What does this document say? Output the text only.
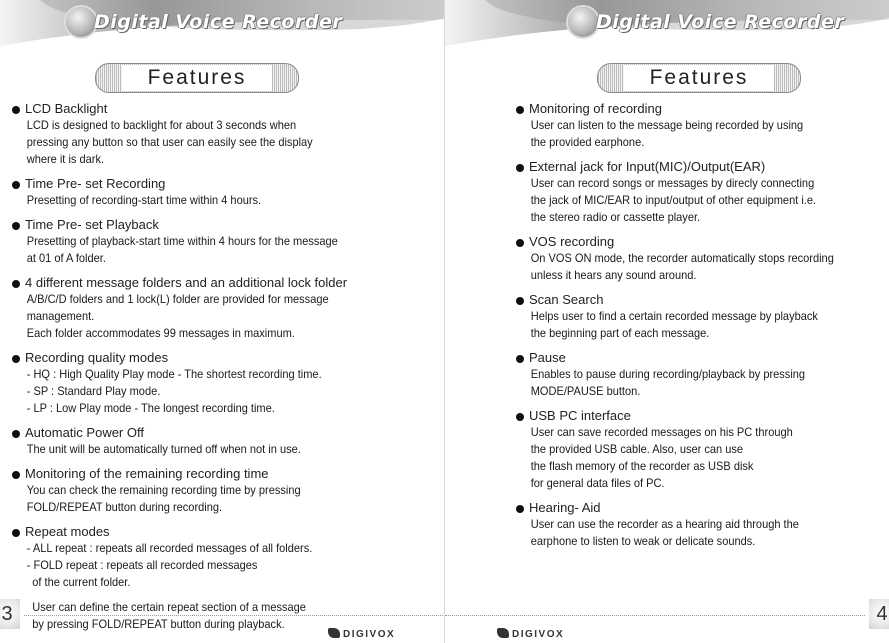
Digital Voice Recorder
Features
LCD Backlight
LCD is designed to backlight for about 3 seconds when
pressing any button so that user can easily see the display
where it is dark.
Time Pre- set Recording
Presetting of recording-start time within 4 hours.
Time Pre- set Playback
Presetting of playback-start time within 4 hours for the message
at 01 of A folder.
4 different message folders and an additional lock folder
A/B/C/D folders and 1 lock(L) folder are provided for message
management.
Each folder accommodates 99 messages in maximum.
Recording quality modes
- HQ : High Quality Play mode - The shortest recording time.
- SP : Standard Play mode.
- LP : Low Play mode - The longest recording time.
Automatic Power Off
The unit will be automatically turned off when not in use.
Monitoring of the remaining recording time
You can check the remaining recording time by pressing
FOLD/REPEAT button during recording.
Repeat modes
- ALL repeat : repeats all recorded messages of all folders.
- FOLD repeat : repeats all recorded messages
of the current folder.
User can define the certain repeat section of a message
by pressing FOLD/REPEAT button during playback.
3
DIGIVOX
Digital Voice Recorder
Features
Monitoring of recording
User can listen to the message being recorded by using
the provided earphone.
External jack for Input(MIC)/Output(EAR)
User can record songs or messages by direcly connecting
the jack of MIC/EAR to input/output of other equipment i.e.
the stereo radio or cassette player.
VOS recording
On VOS ON mode, the recorder automatically stops recording
unless it hears any sound around.
Scan Search
Helps user to find a certain recorded message by playback
the beginning part of each message.
Pause
Enables to pause during recording/playback by pressing
MODE/PAUSE button.
USB PC interface
User can save recorded messages on his PC through
the provided USB cable. Also, user can use
the flash memory of the recorder as USB disk
for general data files of PC.
Hearing- Aid
User can use the recorder as a hearing aid through the
earphone to listen to weak or delicate sounds.
4
DIGIVOX
